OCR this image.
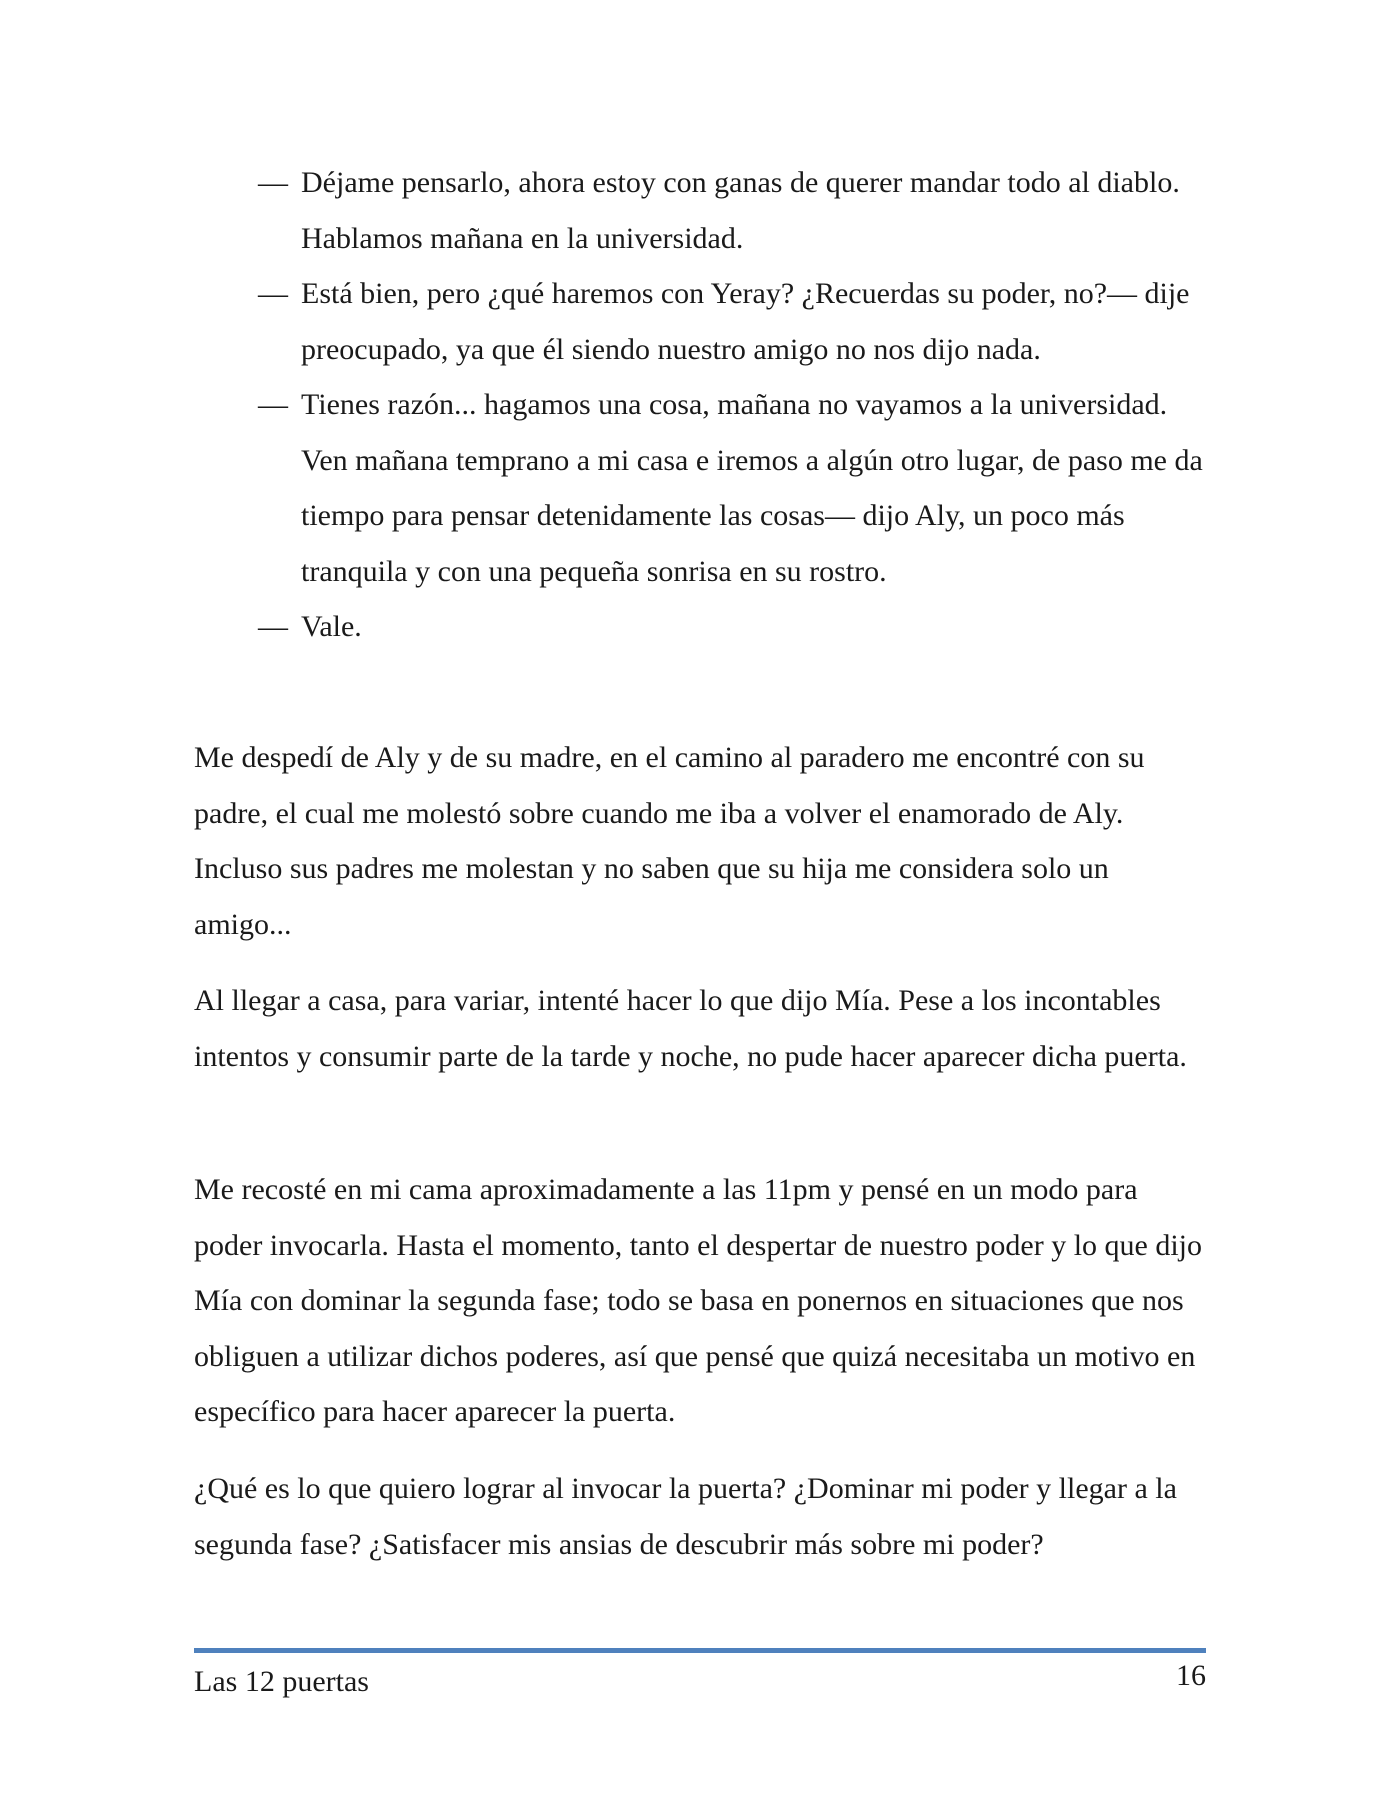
— Déjame pensarlo, ahora estoy con ganas de querer mandar todo al diablo. Hablamos mañana en la universidad.
— Está bien, pero ¿qué haremos con Yeray? ¿Recuerdas su poder, no?— dije preocupado, ya que él siendo nuestro amigo no nos dijo nada.
— Tienes razón... hagamos una cosa, mañana no vayamos a la universidad. Ven mañana temprano a mi casa e iremos a algún otro lugar, de paso me da tiempo para pensar detenidamente las cosas— dijo Aly, un poco más tranquila y con una pequeña sonrisa en su rostro.
— Vale.

Me despedí de Aly y de su madre, en el camino al paradero me encontré con su padre, el cual me molestó sobre cuando me iba a volver el enamorado de Aly. Incluso sus padres me molestan y no saben que su hija me considera solo un amigo...

Al llegar a casa, para variar, intenté hacer lo que dijo Mía. Pese a los incontables intentos y consumir parte de la tarde y noche, no pude hacer aparecer dicha puerta.

Me recosté en mi cama aproximadamente a las 11pm y pensé en un modo para poder invocarla. Hasta el momento, tanto el despertar de nuestro poder y lo que dijo Mía con dominar la segunda fase; todo se basa en ponernos en situaciones que nos obliguen a utilizar dichos poderes, así que pensé que quizá necesitaba un motivo en específico para hacer aparecer la puerta.

¿Qué es lo que quiero lograr al invocar la puerta? ¿Dominar mi poder y llegar a la segunda fase? ¿Satisfacer mis ansias de descubrir más sobre mi poder?

Las 12 puertas	16
